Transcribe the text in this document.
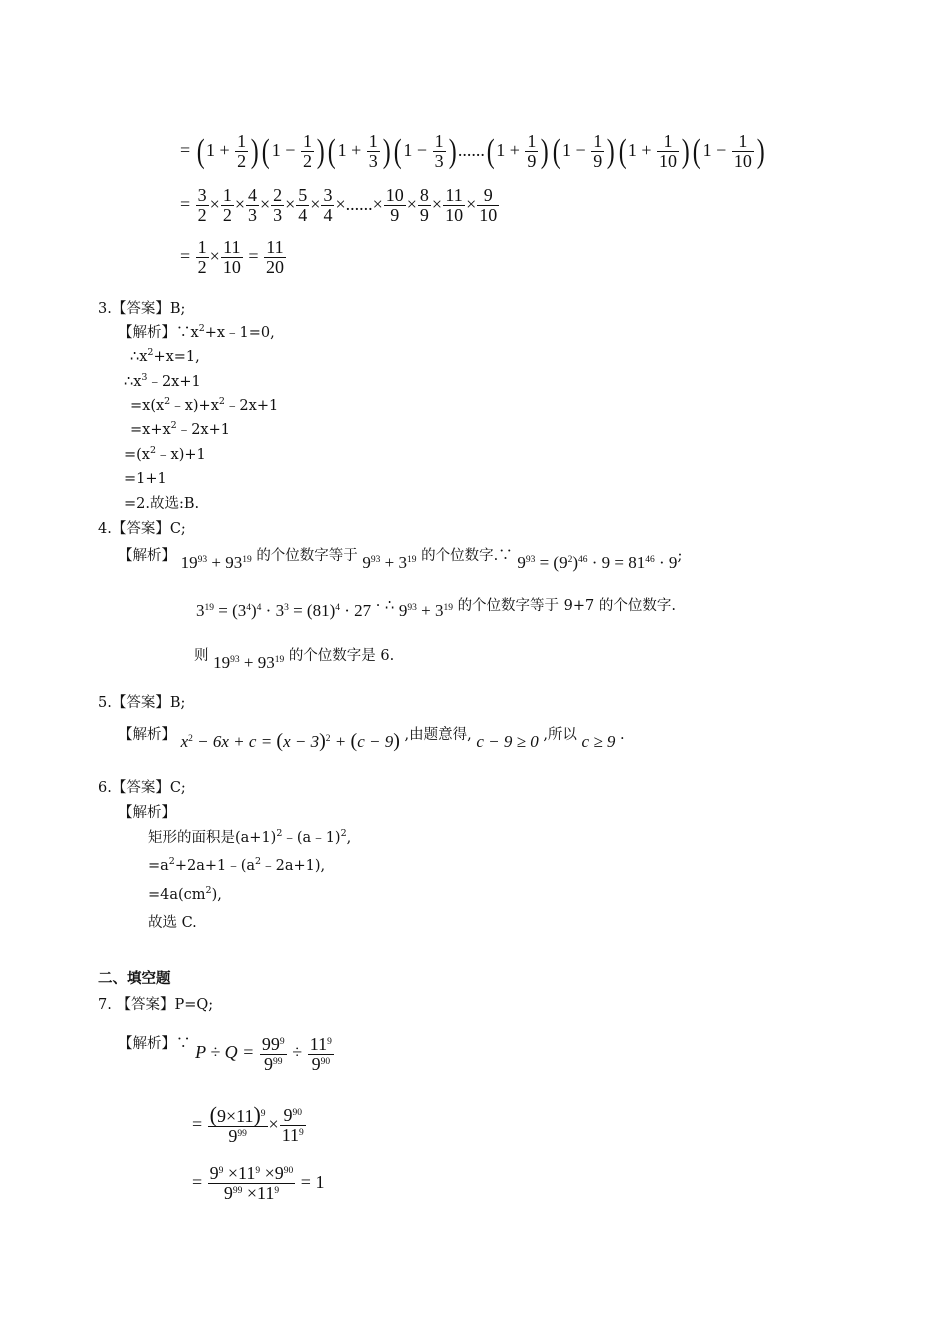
= $(1 + \frac{1}{2} )(1 - \frac{1}{2} )(1 + \frac{1}{3} )(1 - \frac{1}{3} )......(1 + \frac{1}{9} )(1 - \frac{1}{9} )(1 + \frac{1}{10} )(1 - \frac{1}{10}$ )
= $\frac{3}{2} \times \frac{1}{2} \times \frac{4}{3} \times \frac{2}{3} \times \frac{5}{4} \times \frac{3}{4}$ ×......× $\frac{10}{9} \times \frac{8}{9} \times \frac{11}{10} \times \frac{9}{10}$
= $\frac{1}{2} \times \frac{11}{10} = \frac{11}{20}$
3.【答案】B;
【解析】$\because x^2+x﹣1=0$,
$\therefore x^2+x=1$,
$\therefore x^3﹣2x+1$
$=x(x^2﹣x)+x^2﹣2x+1$
$=x+x^2﹣2x+1$
$=(x^2﹣x)+1$
=1+1
=2.故选:B.
4.【答案】C;
【解析】 $19^{93} + 93^{19}$ 的个位数字等于 $9^{93} + 3^{19}$ 的个位数字.∵ $9^{93} = (9^2)^{46} \cdot 9 = 81^{46} \cdot 9$;
$3^{19} = (3^4)^4 \cdot 3^3 = (81)^4 \cdot 27$ · ∴ $9^{93} + 3^{19}$ 的个位数字等于 9+7 的个位数字.
则 $19^{93} + 93^{19}$ 的个位数字是 6.
5.【答案】B;
【解析】 $x^2 - 6x + c = (x - 3)^2 + (c - 9)$ ,由题意得, c − 9 ≥ 0 ,所以 c ≥ 9 .
6.【答案】C;
【解析】
矩形的面积是$(a+1)^2﹣(a﹣1)^2$,
$=a^2+2a+1﹣(a^2﹣2a+1)$,
$=4a(cm^2)$,
故选 C.
二、填空题
7. 【答案】P=Q;
【解析】∵ $P \div Q = \frac{99^9}{9^{99}} \div \frac{11^9}{9^{90}}$
= $\frac{(9\times 11)^9}{9^{99}} \times \frac{9^{90}}{11^9}$
= $\frac{9^9 \times 11^9 \times 9^{90}}{9^{99} \times 11^9} = 1$
